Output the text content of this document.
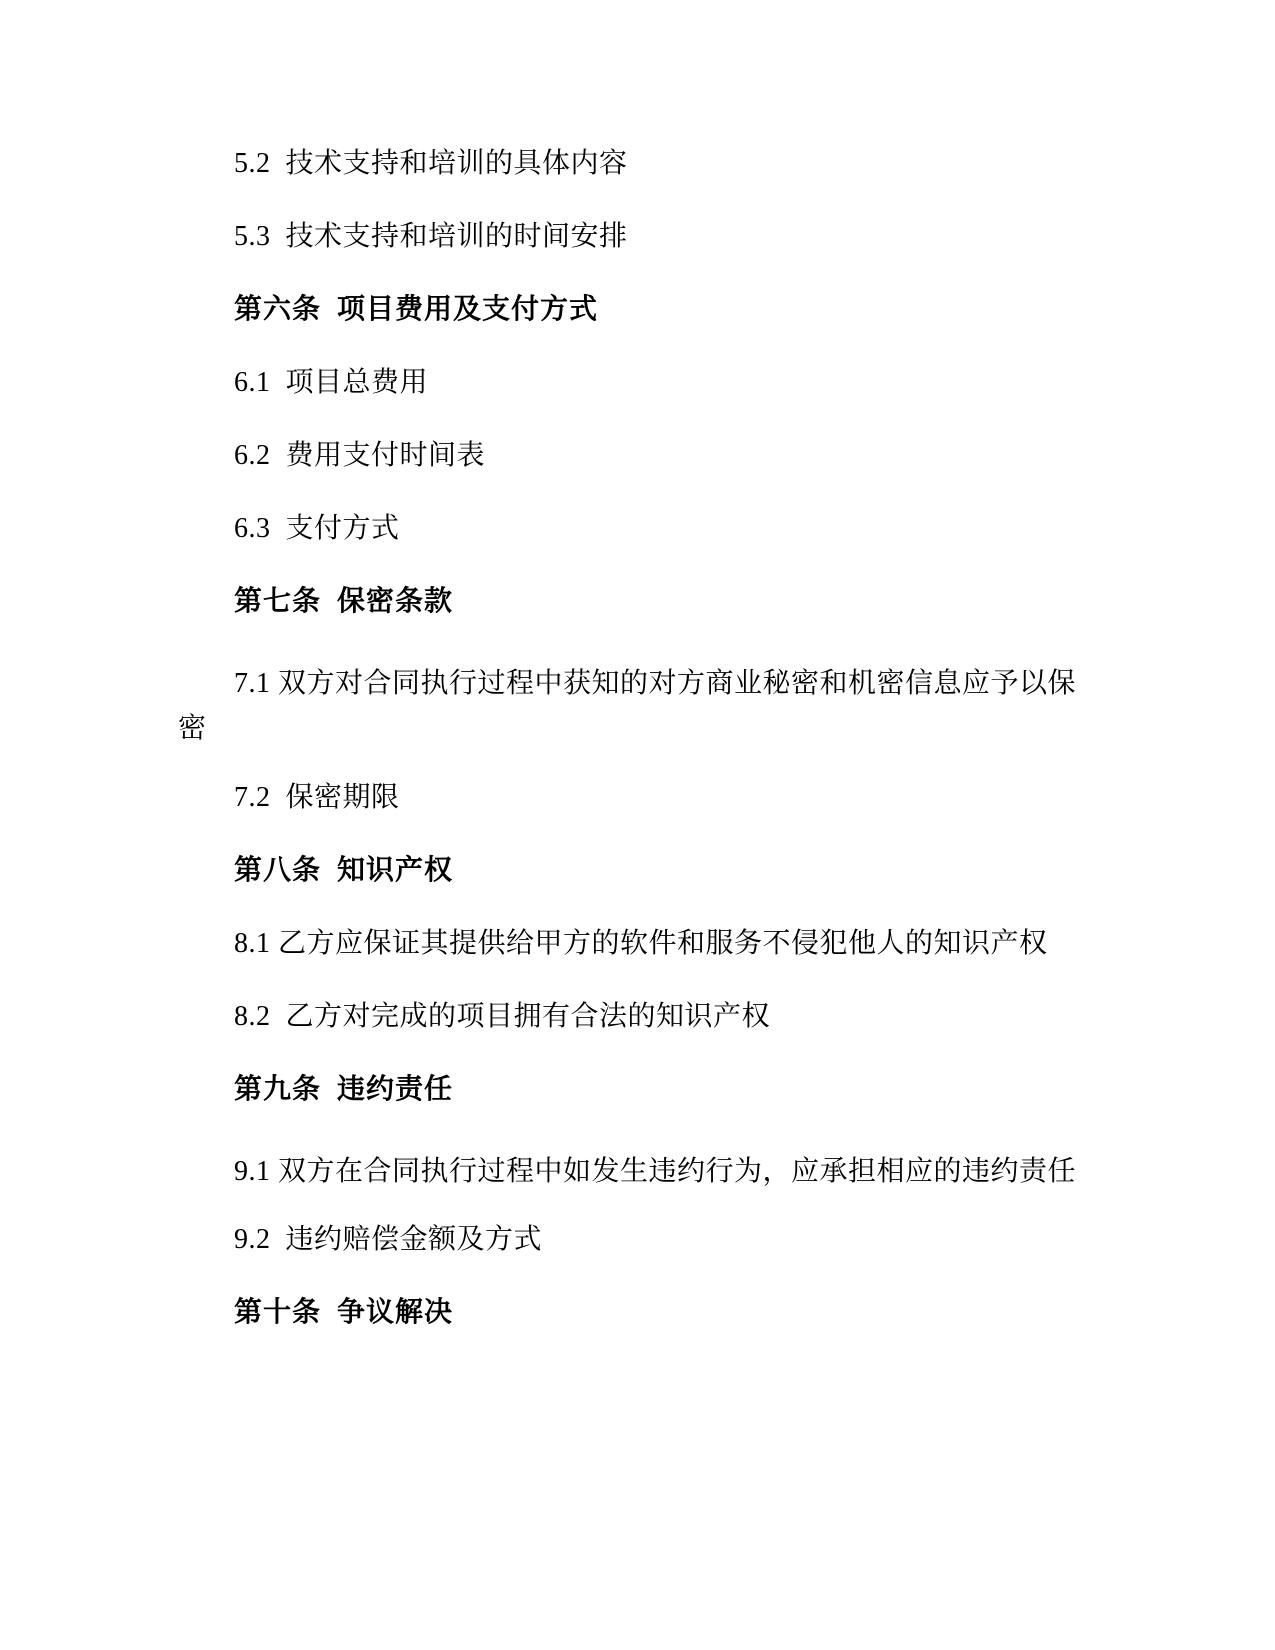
5.2  技术支持和培训的具体内容

5.3  技术支持和培训的时间安排

第六条  项目费用及支付方式

6.1  项目总费用

6.2  费用支付时间表

6.3  支付方式

第七条  保密条款

7.1 双方对合同执行过程中获知的对方商业秘密和机密信息应予以保密

7.2  保密期限

第八条  知识产权

8.1 乙方应保证其提供给甲方的软件和服务不侵犯他人的知识产权

8.2  乙方对完成的项目拥有合法的知识产权

第九条  违约责任

9.1 双方在合同执行过程中如发生违约行为，应承担相应的违约责任

9.2  违约赔偿金额及方式

第十条  争议解决
